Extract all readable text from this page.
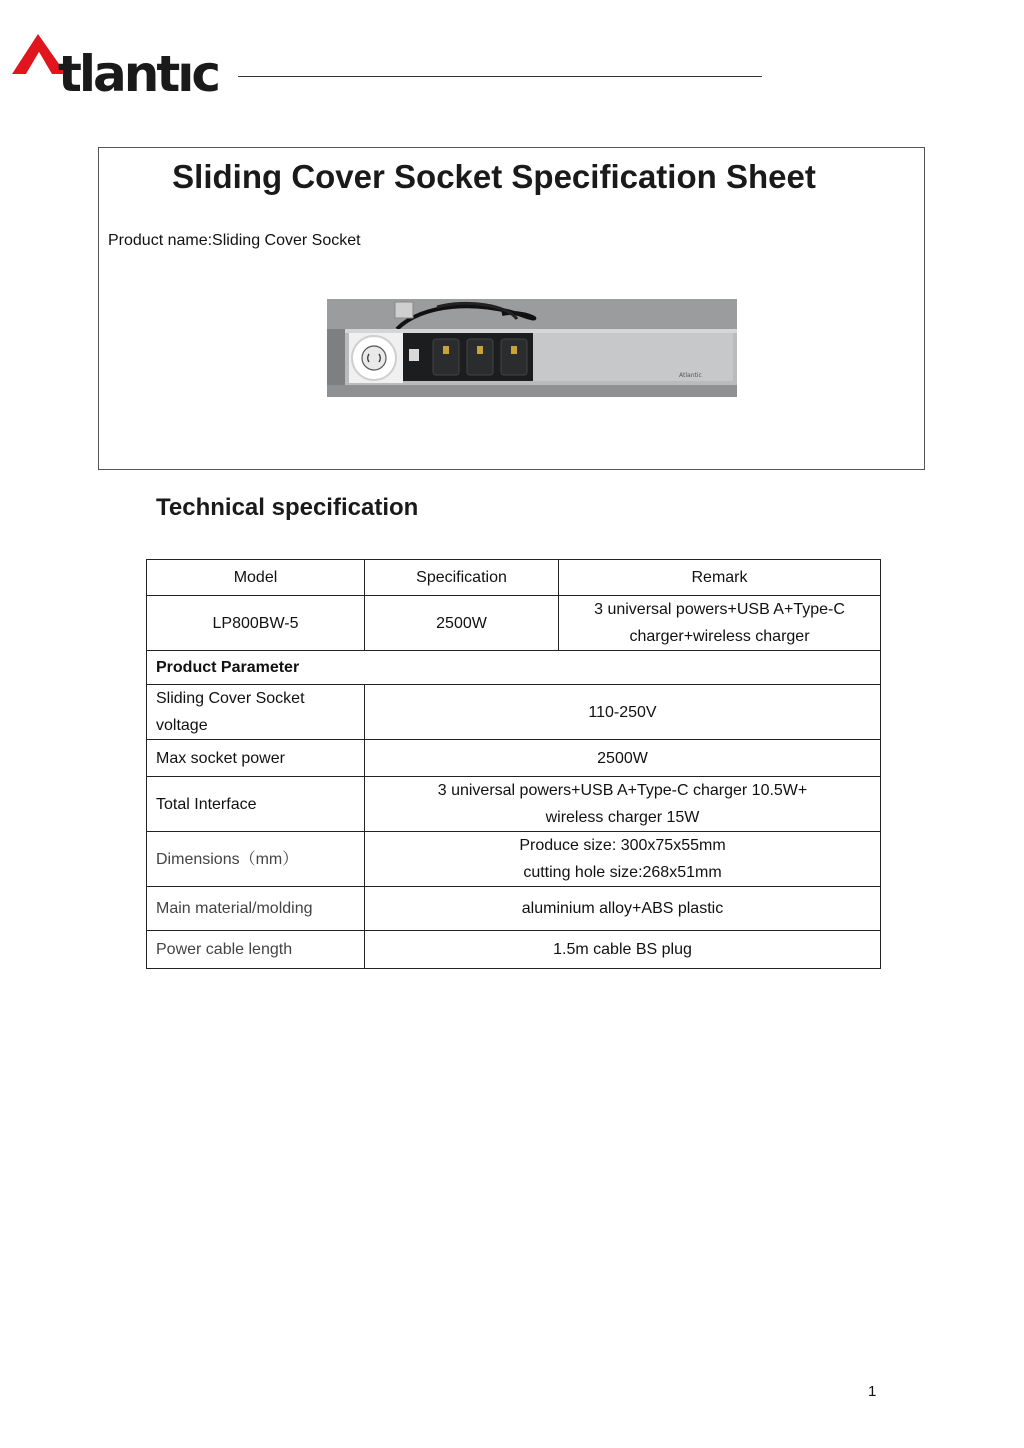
tlantıc
Sliding Cover Socket Specification Sheet
Product name:Sliding Cover Socket
Atlantic
Technical specification
Model	Specification	Remark
LP800BW-5	2500W	3 universal powers+USB A+Type-C
charger+wireless charger

Product Parameter		

Sliding Cover Socket
voltage	110-250V	
Max socket power	2500W	
Total Interface	3 universal powers+USB A+Type-C charger 10.5W+
wireless charger 15W	

Dimensions（mm）	Produce size: 300x75x55mm
cutting hole size:268x51mm	

Main material/molding	aluminium alloy+ABS plastic	
Power cable length	1.5m cable BS plug	
1
